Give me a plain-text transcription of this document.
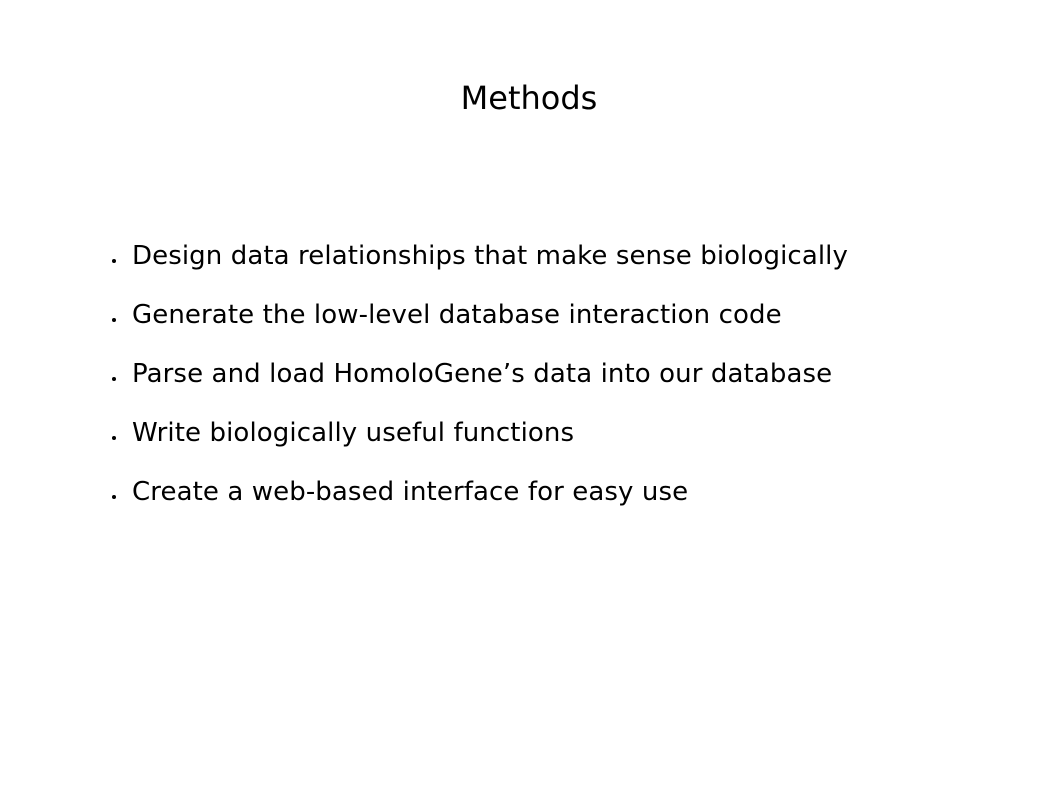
Methods
Design data relationships that make sense biologically
Generate the low-level database interaction code
Parse and load HomoloGene’s data into our database
Write biologically useful functions
Create a web-based interface for easy use
